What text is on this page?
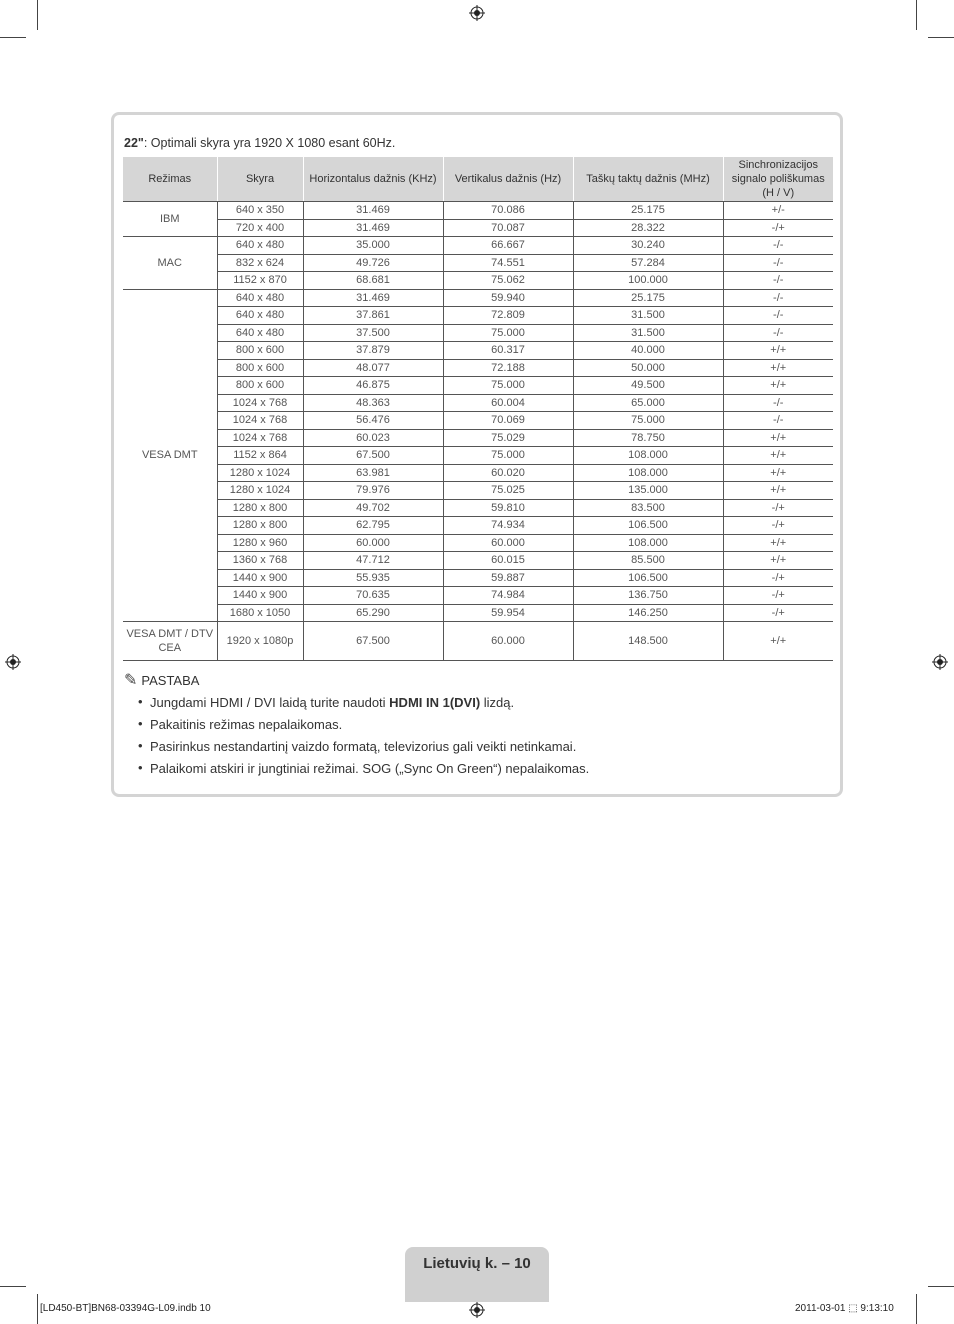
22": Optimali skyra yra 1920 X 1080 esant 60Hz.
Režimas	Skyra	Horizontalus dažnis (KHz)	Vertikalus dažnis (Hz)	Taškų taktų dažnis (MHz)	Sinchronizacijos signalo poliškumas (H / V)
IBM	640 x 350	31.469	70.086	25.175	+/-
	720 x 400	31.469	70.087	28.322	-/+
MAC	640 x 480	35.000	66.667	30.240	-/-
	832 x 624	49.726	74.551	57.284	-/-
	1152 x 870	68.681	75.062	100.000	-/-
VESA DMT	640 x 480	31.469	59.940	25.175	-/-
	640 x 480	37.861	72.809	31.500	-/-
	640 x 480	37.500	75.000	31.500	-/-
	800 x 600	37.879	60.317	40.000	+/+
	800 x 600	48.077	72.188	50.000	+/+
	800 x 600	46.875	75.000	49.500	+/+
	1024 x 768	48.363	60.004	65.000	-/-
	1024 x 768	56.476	70.069	75.000	-/-
	1024 x 768	60.023	75.029	78.750	+/+
	1152 x 864	67.500	75.000	108.000	+/+
	1280 x 1024	63.981	60.020	108.000	+/+
	1280 x 1024	79.976	75.025	135.000	+/+
	1280 x 800	49.702	59.810	83.500	-/+
	1280 x 800	62.795	74.934	106.500	-/+
	1280 x 960	60.000	60.000	108.000	+/+
	1360 x 768	47.712	60.015	85.500	+/+
	1440 x 900	55.935	59.887	106.500	-/+
	1440 x 900	70.635	74.984	136.750	-/+
	1680 x 1050	65.290	59.954	146.250	-/+
VESA DMT / DTV CEA	1920 x 1080p	67.500	60.000	148.500	+/+
✎ PASTABA
• Jungdami HDMI / DVI laidą turite naudoti HDMI IN 1(DVI) lizdą.
• Pakaitinis režimas nepalaikomas.
• Pasirinkus nestandartinį vaizdo formatą, televizorius gali veikti netinkamai.
• Palaikomi atskiri ir jungtiniai režimai. SOG („Sync On Green“) nepalaikomas.
Lietuvių k. – 10
[LD450-BT]BN68-03394G-L09.indb 10	2011-03-01 ⬚ 9:13:10
